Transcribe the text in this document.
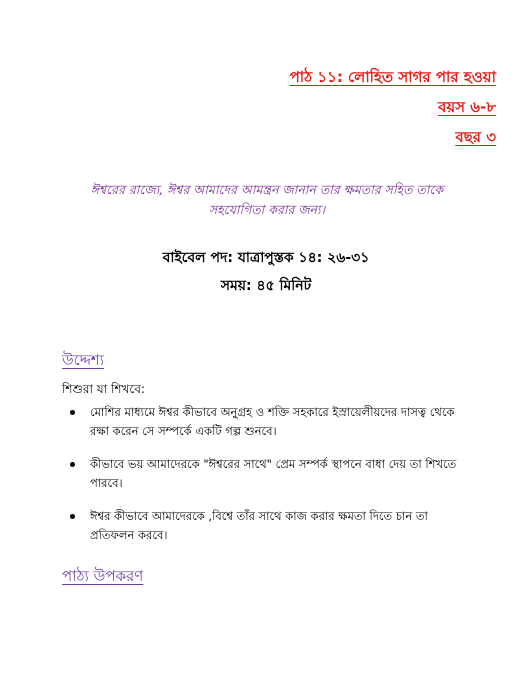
পাঠ ১১: লোহিত সাগর পার হওয়া
বয়স ৬-৮
বছর ৩
ঈশ্বরের রাজ্যে, ঈশ্বর আমাদের আমন্ত্রন জানান তার ক্ষমতার সহিত তাকে সহযোগিতা করার জন্য।
বাইবেল পদ: যাত্রাপুস্তক ১৪: ২৬-৩১
সময়: ৪৫ মিনিট
উদ্দেশ্য
শিশুরা যা শিখবে:
মোশির মাধ্যমে ঈশ্বর কীভাবে অনুগ্রহ ও শক্তি সহকারে ইস্রায়েলীয়দের দাসত্ব থেকে রক্ষা করেন সে সম্পর্কে একটি গল্প শুনবে।
কীভাবে ভয় আমাদেরকে "ঈশ্বরের সাথে" প্রেম সম্পর্ক স্থাপনে বাধা দেয় তা শিখতে পারবে।
ঈশ্বর কীভাবে আমাদেরকে ,বিশ্বে তাঁর সাথে কাজ করার ক্ষমতা দিতে চান তা প্রতিফলন করবে।
পাঠ্য উপকরণ
